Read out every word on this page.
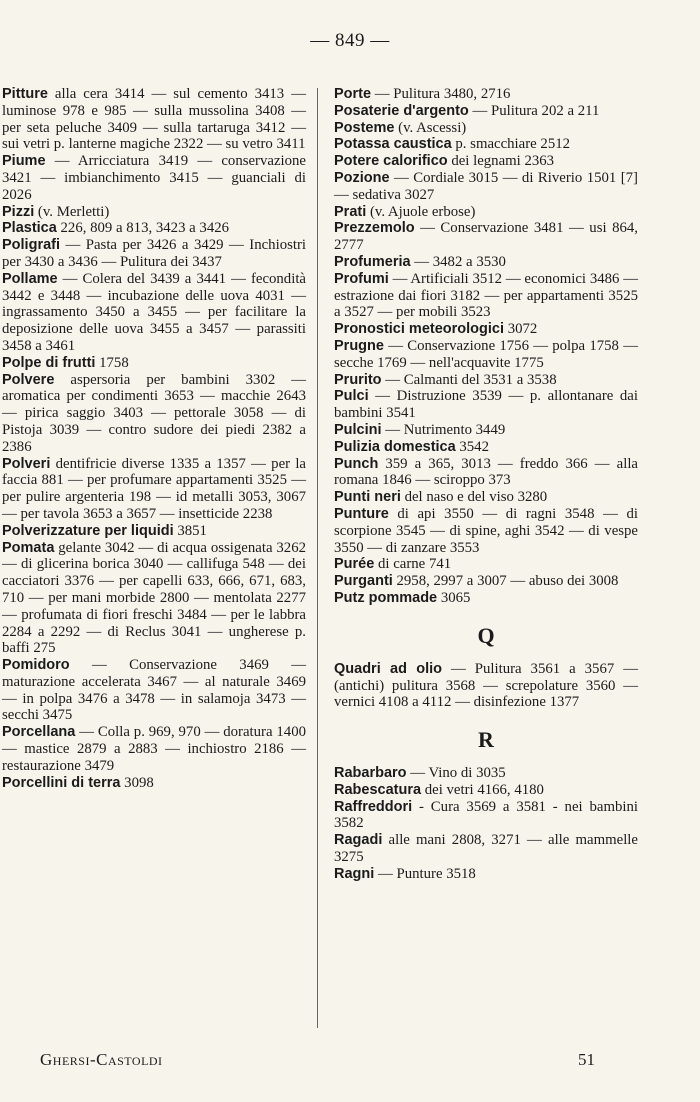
— 849 —

Pitture alla cera 3414 — sul cemento 3413 — luminose 978 e 985 — sulla mussolina 3408 — per seta peluche 3409 — sulla tartaruga 3412 — sui vetri p. lanterne magiche 2322 — su vetro 3411

Piume — Arricciatura 3419 — conservazione 3421 — imbianchimento 3415 — guanciali di 2026

Pizzi (v. Merletti)

Plastica 226, 809 a 813, 3423 a 3426

Poligrafi — Pasta per 3426 a 3429 — Inchiostri per 3430 a 3436 — Pulitura dei 3437

Pollame — Colera del 3439 a 3441 — fecondità 3442 e 3448 — incubazione delle uova 4031 — ingrassamento 3450 a 3455 — per facilitare la deposizione delle uova 3455 a 3457 — parassiti 3458 a 3461

Polpe di frutti 1758

Polvere aspersoria per bambini 3302 — aromatica per condimenti 3653 — macchie 2643 — pirica saggio 3403 — pettorale 3058 — di Pistoja 3039 — contro sudore dei piedi 2382 a 2386

Polveri dentifricie diverse 1335 a 1357 — per la faccia 881 — per profumare appartamenti 3525 — per pulire argenteria 198 — id metalli 3053, 3067 — per tavola 3653 a 3657 — insetticide 2238

Polverizzature per liquidi 3851

Pomata gelante 3042 — di acqua ossigenata 3262 — di glicerina borica 3040 — callifuga 548 — dei cacciatori 3376 — per capelli 633, 666, 671, 683, 710 — per mani morbide 2800 — mentolata 2277 — profumata di fiori freschi 3484 — per le labbra 2284 a 2292 — di Reclus 3041 — ungherese p. baffi 275

Pomidoro — Conservazione 3469 — maturazione accelerata 3467 — al naturale 3469 — in polpa 3476 a 3478 — in salamoja 3473 — secchi 3475

Porcellana — Colla p. 969, 970 — doratura 1400 — mastice 2879 a 2883 — inchiostro 2186 — restaurazione 3479

Porcellini di terra 3098

Porte — Pulitura 3480, 2716

Posaterie d'argento — Pulitura 202 a 211

Posteme (v. Ascessi)

Potassa caustica p. smacchiare 2512

Potere calorifico dei legnami 2363

Pozione — Cordiale 3015 — di Riverio 1501 [7] — sedativa 3027

Prati (v. Ajuole erbose)

Prezzemolo — Conservazione 3481 — usi 864, 2777

Profumeria — 3482 a 3530

Profumi — Artificiali 3512 — economici 3486 — estrazione dai fiori 3182 — per appartamenti 3525 a 3527 — per mobili 3523

Pronostici meteorologici 3072

Prugne — Conservazione 1756 — polpa 1758 — secche 1769 — nell'acquavite 1775

Prurito — Calmanti del 3531 a 3538

Pulci — Distruzione 3539 — p. allontanare dai bambini 3541

Pulcini — Nutrimento 3449

Pulizia domestica 3542

Punch 359 a 365, 3013 — freddo 366 — alla romana 1846 — sciroppo 373

Punti neri del naso e del viso 3280

Punture di api 3550 — di ragni 3548 — di scorpione 3545 — di spine, aghi 3542 — di vespe 3550 — di zanzare 3553

Purée di carne 741

Purganti 2958, 2997 a 3007 — abuso dei 3008

Putz pommade 3065

Q

Quadri ad olio — Pulitura 3561 a 3567 — (antichi) pulitura 3568 — screpolature 3560 — vernici 4108 a 4112 — disinfezione 1377

R

Rabarbaro — Vino di 3035

Rabescatura dei vetri 4166, 4180

Raffreddori - Cura 3569 a 3581 - nei bambini 3582

Ragadi alle mani 2808, 3271 — alle mammelle 3275

Ragni — Punture 3518

Ghersi-Castoldi	51
